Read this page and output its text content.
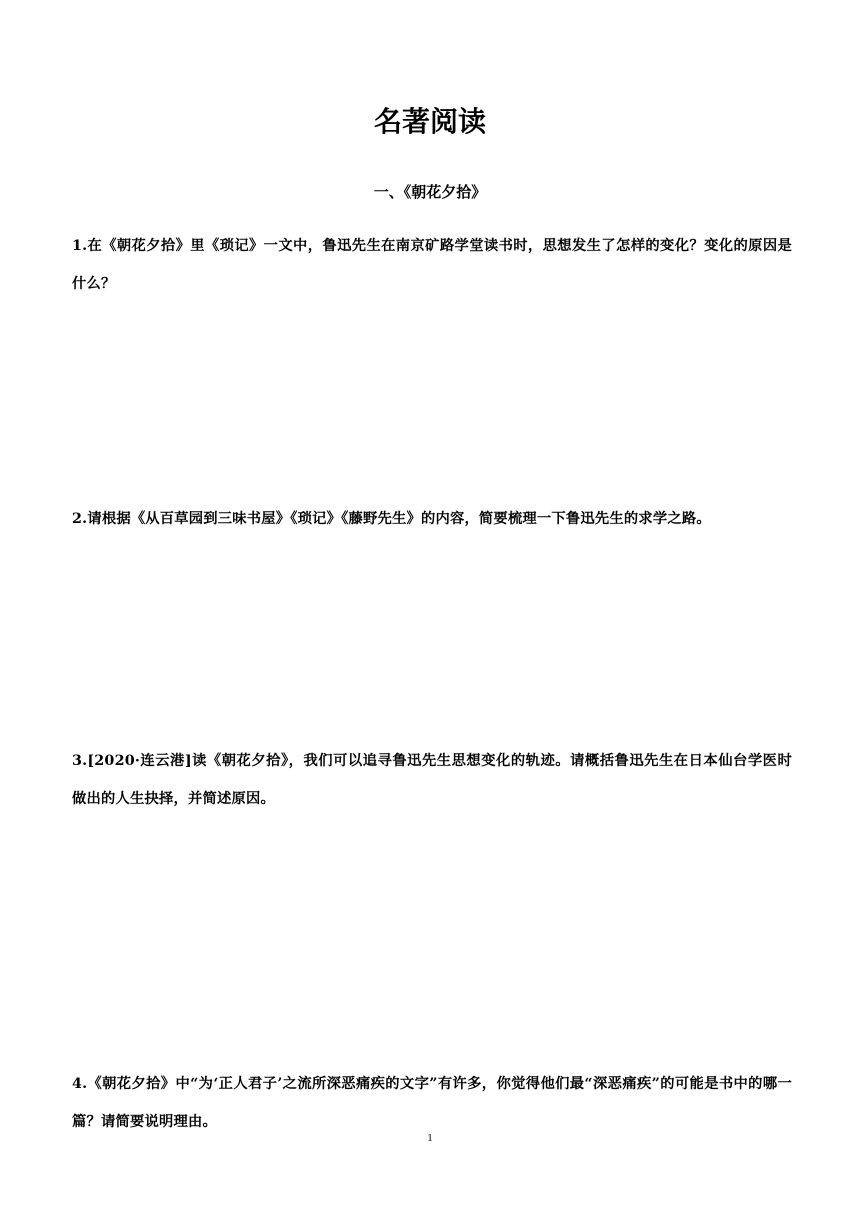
名著阅读
一、《朝花夕拾》
1.在《朝花夕拾》里《琐记》一文中，鲁迅先生在南京矿路学堂读书时，思想发生了怎样的变化？变化的原因是什么？
2.请根据《从百草园到三味书屋》《琐记》《藤野先生》的内容，简要梳理一下鲁迅先生的求学之路。
3.[2020·连云港]读《朝花夕拾》，我们可以追寻鲁迅先生思想变化的轨迹。请概括鲁迅先生在日本仙台学医时做出的人生抉择，并简述原因。
4.《朝花夕拾》中“为‘正人君子’之流所深恶痛疾的文字”有许多，你觉得他们最“深恶痛疾”的可能是书中的哪一篇？请简要说明理由。
1
